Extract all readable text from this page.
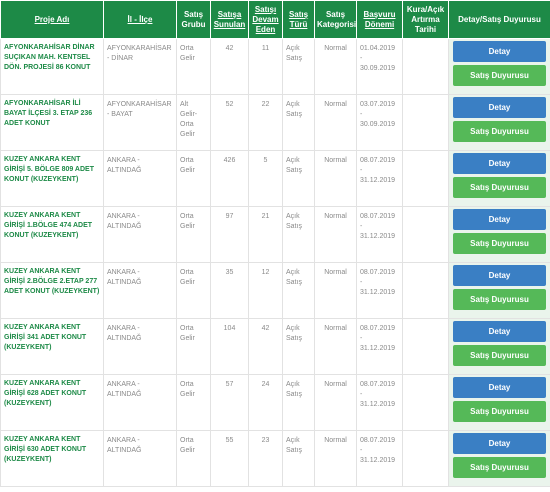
Proje Adı	İl - İlçe	Satış Grubu	Satışa Sunulan	Satışı Devam Eden	Satış Türü	Satış Kategorisi	Başvuru Dönemi	Kura/Açık Artırma Tarihi	Detay/Satış Duyurusu

AFYONKARAHİSAR DİNAR SUÇIKAN MAH. KENTSEL DÖN. PROJESİ 86 KONUT	AFYONKARAHİSAR - DİNAR	Orta Gelir	42	11	Açık Satış	Normal	01.04.2019 - 30.09.2019		Detay
Satış Duyurusu

AFYONKARAHİSAR İLİ BAYAT İLÇESİ 3. ETAP 236 ADET KONUT	AFYONKARAHİSAR - BAYAT	Alt Gelir-Orta Gelir	52	22	Açık Satış	Normal	03.07.2019 - 30.09.2019		Detay
Satış Duyurusu

KUZEY ANKARA KENT GİRİŞİ 5. BÖLGE 809 ADET KONUT (KUZEYKENT)	ANKARA - ALTINDAĞ	Orta Gelir	426	5	Açık Satış	Normal	08.07.2019 - 31.12.2019		Detay
Satış Duyurusu

KUZEY ANKARA KENT GİRİŞİ 1.BÖLGE 474 ADET KONUT (KUZEYKENT)	ANKARA - ALTINDAĞ	Orta Gelir	97	21	Açık Satış	Normal	08.07.2019 - 31.12.2019		Detay
Satış Duyurusu

KUZEY ANKARA KENT GİRİŞİ 2.BÖLGE 2.ETAP 277 ADET KONUT (KUZEYKENT)	ANKARA - ALTINDAĞ	Orta Gelir	35	12	Açık Satış	Normal	08.07.2019 - 31.12.2019		Detay
Satış Duyurusu

KUZEY ANKARA KENT GİRİŞİ 341 ADET KONUT (KUZEYKENT)	ANKARA - ALTINDAĞ	Orta Gelir	104	42	Açık Satış	Normal	08.07.2019 - 31.12.2019		Detay
Satış Duyurusu

KUZEY ANKARA KENT GİRİŞİ 628 ADET KONUT (KUZEYKENT)	ANKARA - ALTINDAĞ	Orta Gelir	57	24	Açık Satış	Normal	08.07.2019 - 31.12.2019		Detay
Satış Duyurusu

KUZEY ANKARA KENT GİRİŞİ 630 ADET KONUT (KUZEYKENT)	ANKARA - ALTINDAĞ	Orta Gelir	55	23	Açık Satış	Normal	08.07.2019 - 31.12.2019		Detay
Satış Duyurusu
